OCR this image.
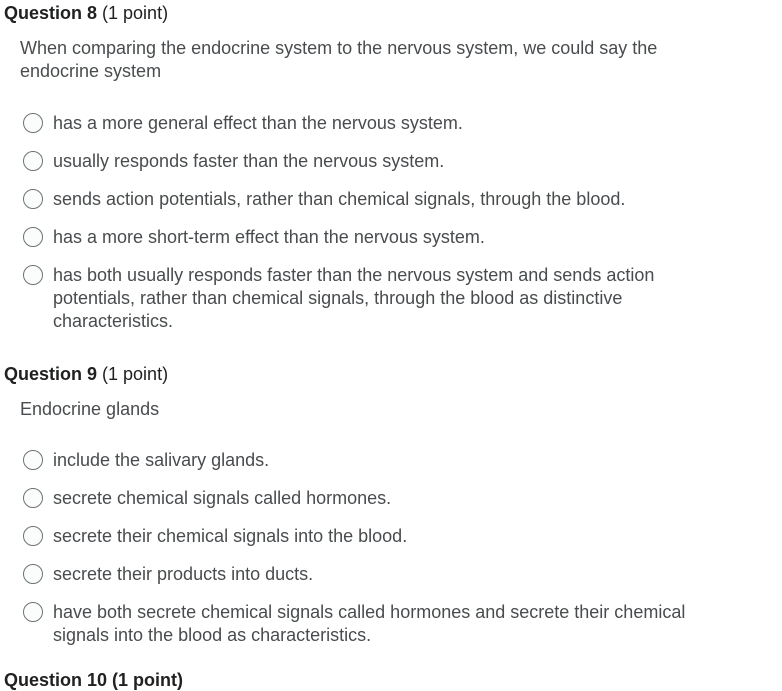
Question 8 (1 point)
When comparing the endocrine system to the nervous system, we could say the endocrine system
has a more general effect than the nervous system.
usually responds faster than the nervous system.
sends action potentials, rather than chemical signals, through the blood.
has a more short-term effect than the nervous system.
has both usually responds faster than the nervous system and sends action potentials, rather than chemical signals, through the blood as distinctive characteristics.
Question 9 (1 point)
Endocrine glands
include the salivary glands.
secrete chemical signals called hormones.
secrete their chemical signals into the blood.
secrete their products into ducts.
have both secrete chemical signals called hormones and secrete their chemical signals into the blood as characteristics.
Question 10 (1 point)
